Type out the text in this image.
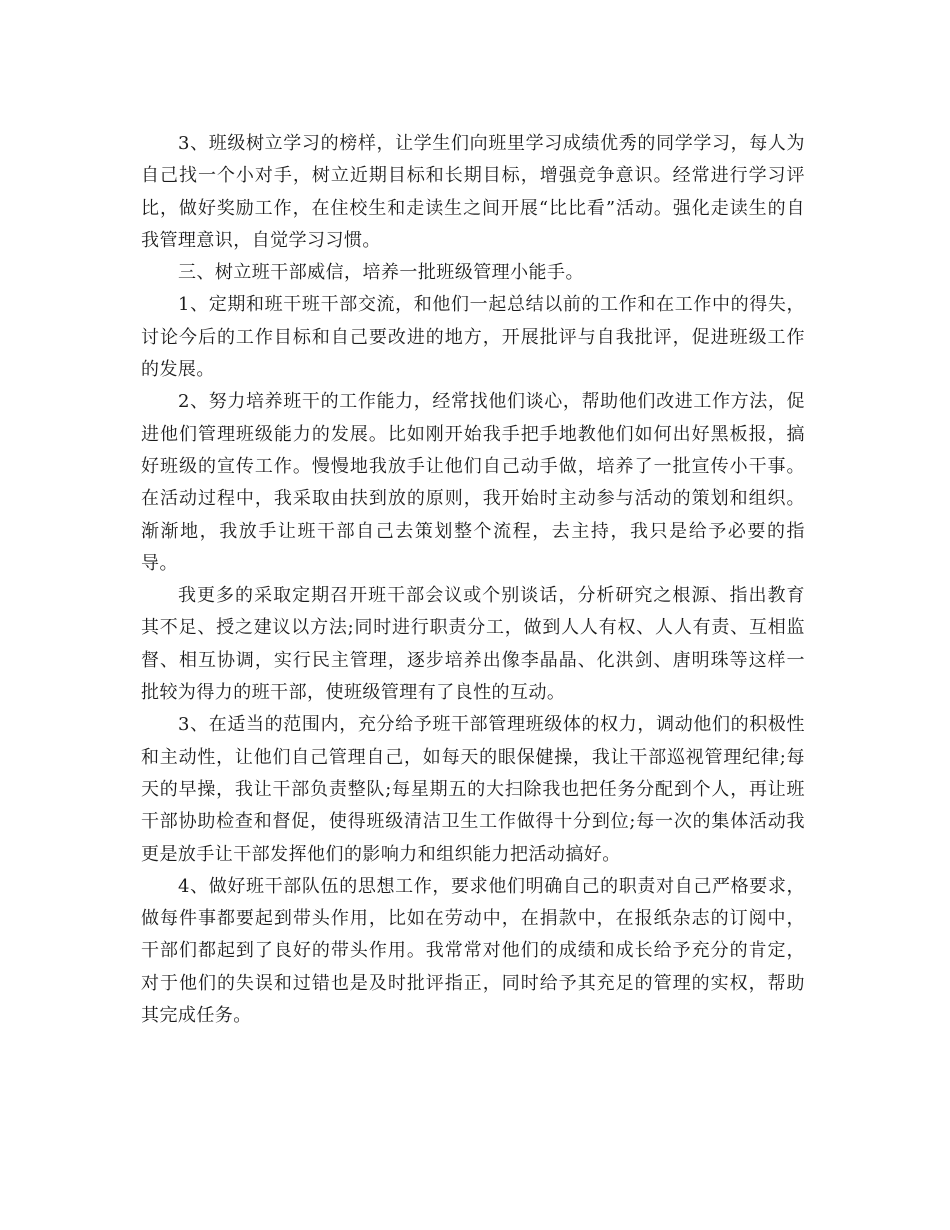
3、班级树立学习的榜样，让学生们向班里学习成绩优秀的同学学习，每人为自己找一个小对手，树立近期目标和长期目标，增强竞争意识。经常进行学习评比，做好奖励工作，在住校生和走读生之间开展“比比看”活动。强化走读生的自我管理意识，自觉学习习惯。

三、树立班干部威信，培养一批班级管理小能手。

1、定期和班干班干部交流，和他们一起总结以前的工作和在工作中的得失，讨论今后的工作目标和自己要改进的地方，开展批评与自我批评，促进班级工作的发展。

2、努力培养班干的工作能力，经常找他们谈心，帮助他们改进工作方法，促进他们管理班级能力的发展。比如刚开始我手把手地教他们如何出好黑板报，搞好班级的宣传工作。慢慢地我放手让他们自己动手做，培养了一批宣传小干事。在活动过程中，我采取由扶到放的原则，我开始时主动参与活动的策划和组织。渐渐地，我放手让班干部自己去策划整个流程，去主持，我只是给予必要的指导。

我更多的采取定期召开班干部会议或个别谈话，分析研究之根源、指出教育其不足、授之建议以方法;同时进行职责分工，做到人人有权、人人有责、互相监督、相互协调，实行民主管理，逐步培养出像李晶晶、化洪剑、唐明珠等这样一批较为得力的班干部，使班级管理有了良性的互动。

3、在适当的范围内，充分给予班干部管理班级体的权力，调动他们的积极性和主动性，让他们自己管理自己，如每天的眼保健操，我让干部巡视管理纪律;每天的早操，我让干部负责整队;每星期五的大扫除我也把任务分配到个人，再让班干部协助检查和督促，使得班级清洁卫生工作做得十分到位;每一次的集体活动我更是放手让干部发挥他们的影响力和组织能力把活动搞好。

4、做好班干部队伍的思想工作，要求他们明确自己的职责对自己严格要求，做每件事都要起到带头作用，比如在劳动中，在捐款中，在报纸杂志的订阅中，干部们都起到了良好的带头作用。我常常对他们的成绩和成长给予充分的肯定，对于他们的失误和过错也是及时批评指正，同时给予其充足的管理的实权，帮助其完成任务。
